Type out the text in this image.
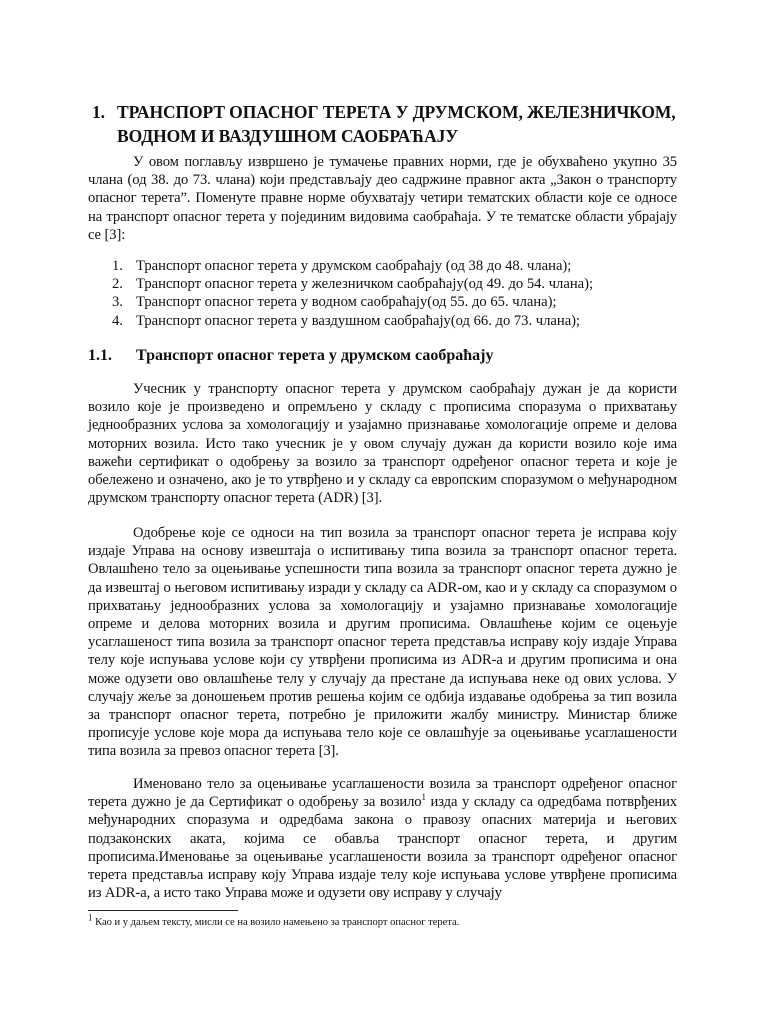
1. ТРАНСПОРТ ОПАСНОГ ТЕРЕТА У ДРУМСКОМ, ЖЕЛЕЗНИЧКОМ, ВОДНОМ И ВАЗДУШНОМ САОБРАЋАЈУ
У овом поглављу извршено је тумачење правних норми, где је обухваћено укупно 35 члана (од 38. до 73. члана) који представљају део садржине правног акта „Закон о транспорту опасног терета”. Поменуте правне норме обухватају четири тематских области које се односе на транспорт опасног терета у појединим видовима саобраћаја. У те тематске области убрајају се [3]:
1. Транспорт опасног терета у друмском саобраћају (од 38 до 48. члана);
2. Транспорт опасног терета у железничком саобраћају(од 49. до 54. члана);
3. Транспорт опасног терета у водном саобраћају(од 55. до 65. члана);
4. Транспорт опасног терета у ваздушном саобраћају(од 66. до 73. члана);
1.1. Транспорт опасног терета у друмском саобраћају
Учесник у транспорту опасног терета у друмском саобраћају дужан је да користи возило које је произведено и опремљено у складу с прописима споразума о прихватању једнообразних услова за хомологацију и узајамно признавање хомологације опреме и делова моторних возила. Исто тако учесник је у овом случају дужан да користи возило које има важећи сертификат о одобрењу за возило за транспорт одређеног опасног терета и које је обележено и означено, ако је то утврђено и у складу са европским споразумом о међународном друмском транспорту опасног терета (ADR) [3].
Одобрење које се односи на тип возила за транспорт опасног терета је исправа коју издаје Управа на основу извештаја о испитивању типа возила за транспорт опасног терета. Овлашћено тело за оцењивање успешности типа возила за транспорт опасног терета дужно је да извештај о његовом испитивању изради у складу са ADR-ом, као и у складу са споразумом о прихватању једнообразних услова за хомологацију и узајамно признавање хомологације опреме и делова моторних возила и другим прописима. Овлашћење којим се оцењује усаглашеност типа возила за транспорт опасног терета представља исправу коју издаје Управа телу које испуњава услове који су утврђени прописима из ADR-а и другим прописима и она може одузети ово овлашћење телу у случају да престане да испуњава неке од ових услова. У случају жеље за доношењем против решења којим се одбија издавање одобрења за тип возила за транспорт опасног терета, потребно је приложити жалбу министру. Министар ближе прописује услове које мора да испуњава тело које се овлашћује за оцењивање усаглашености типа возила за превоз опасног терета [3].
Именовано тело за оцењивање усаглашености возила за транспорт одређеног опасног терета дужно је да Сертификат о одобрењу за возило$^1$ изда у складу са одредбама потврђених међународних споразума и одредбама закона о правозу опасних материја и његових подзаконских аката, којима се обавља транспорт опасног терета, и другим прописима.Именовање за оцењивање усаглашености возила за транспорт одређеног опасног терета представља исправу коју Управа издаје телу које испуњава услове утврђене прописима из ADR-а, а исто тако Управа може и одузети ову исправу у случају
$^1$ Као и у даљем тексту, мисли се на возило намењено за транспорт опасног терета.
